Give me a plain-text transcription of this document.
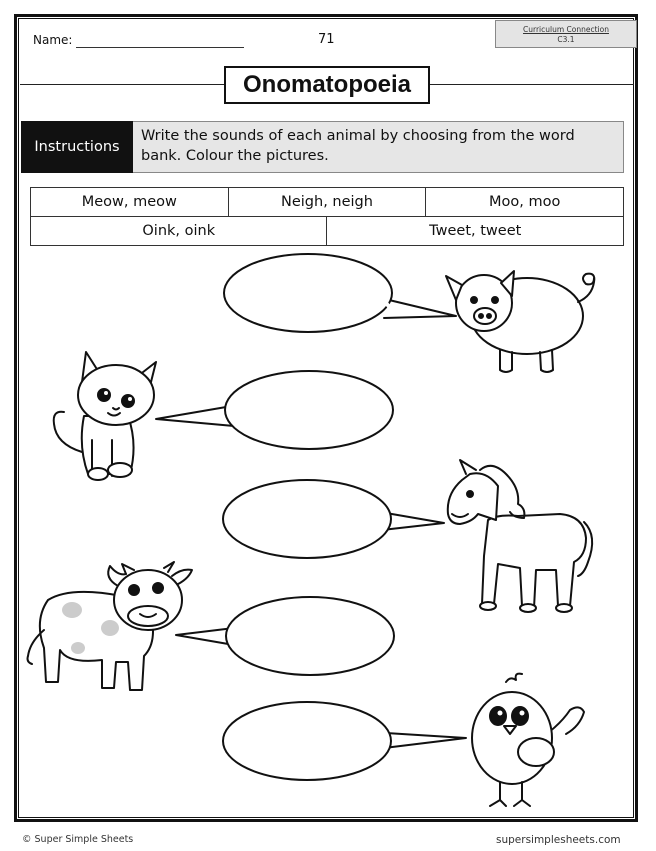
Name:	71
Curriculum Connection
C3.1
Onomatopoeia
Instructions
Write the sounds of each animal by choosing from the word bank. Colour the pictures.
Meow, meow	Neigh, neigh		Moo, moo
Oink, oink		Tweet, tweet	
© Super Simple Sheets	supersimplesheets.com
